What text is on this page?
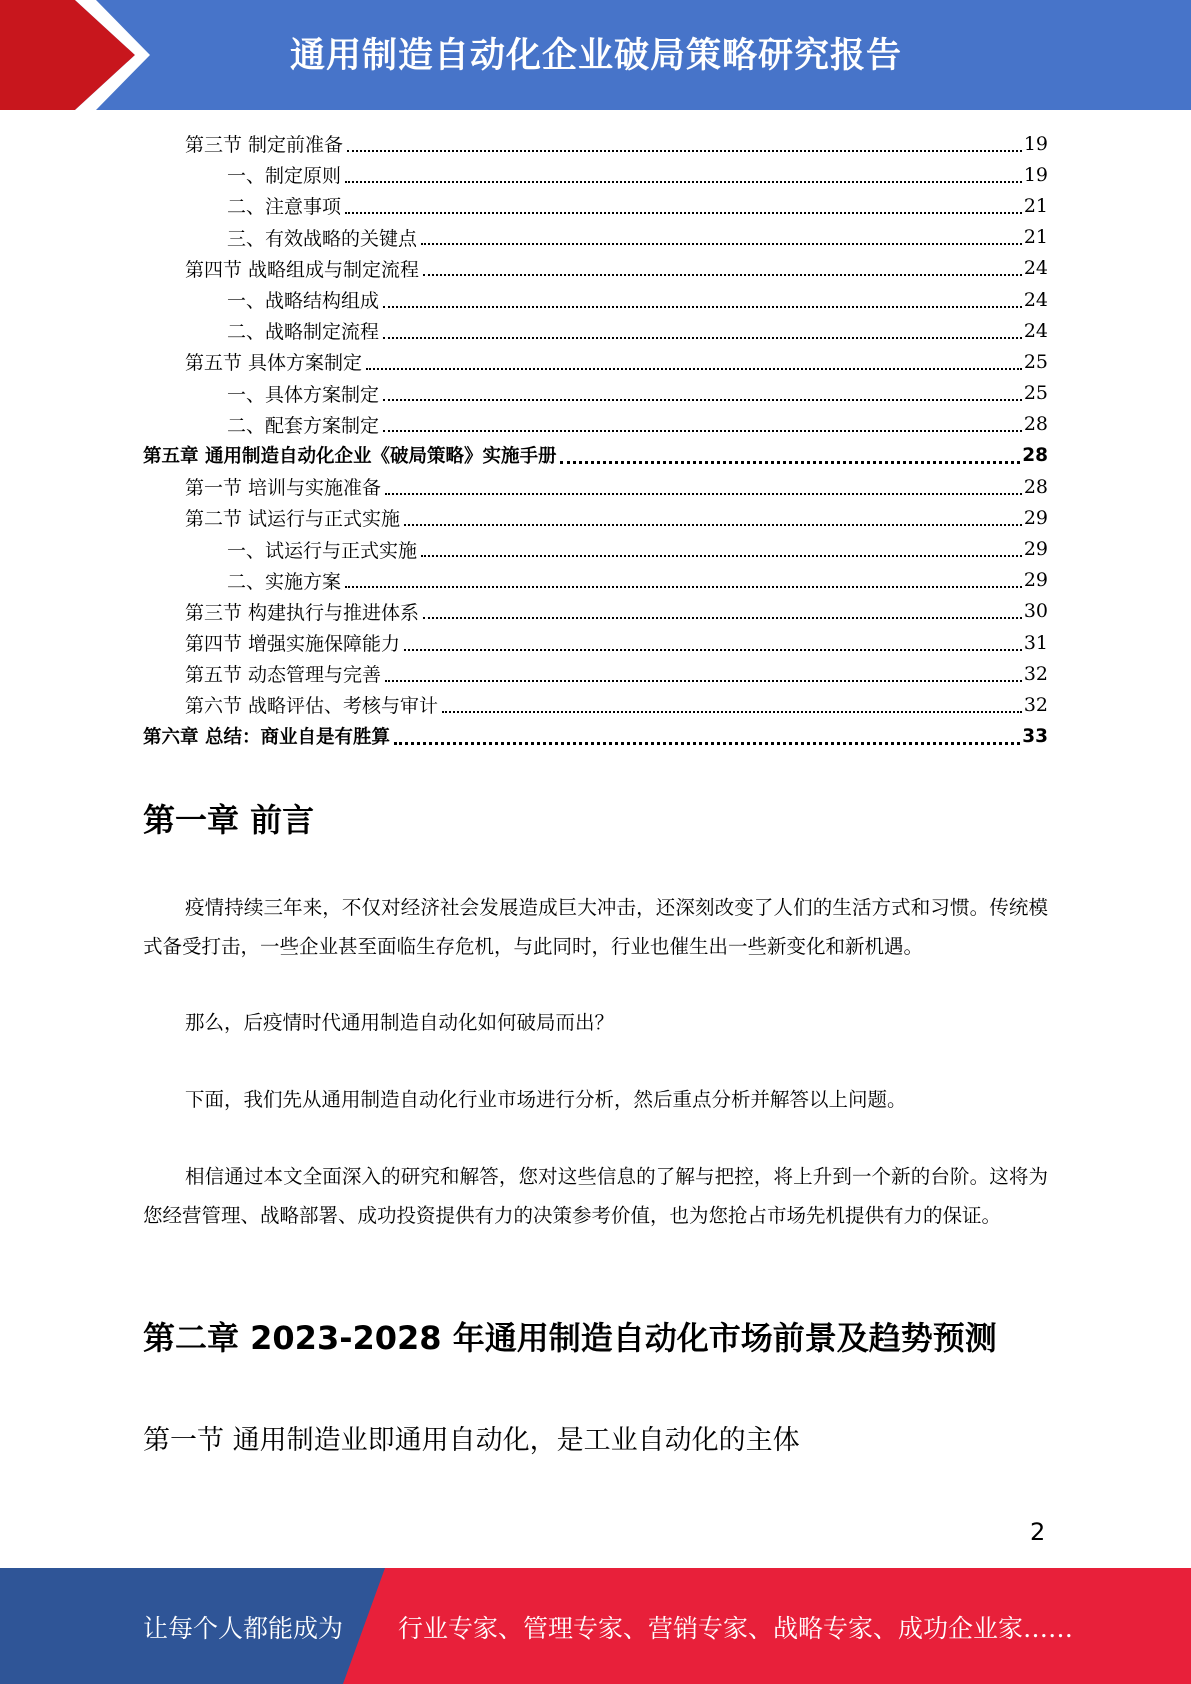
通用制造自动化企业破局策略研究报告
第三节 制定前准备	19
一、制定原则	19
二、注意事项	21
三、有效战略的关键点	21
第四节 战略组成与制定流程	24
一、战略结构组成	24
二、战略制定流程	24
第五节 具体方案制定	25
一、具体方案制定	25
二、配套方案制定	28
第五章 通用制造自动化企业《破局策略》实施手册	28
第一节 培训与实施准备	28
第二节 试运行与正式实施	29
一、试运行与正式实施	29
二、实施方案	29
第三节 构建执行与推进体系	30
第四节 增强实施保障能力	31
第五节 动态管理与完善	32
第六节 战略评估、考核与审计	32
第六章 总结：商业自是有胜算	33
第一章 前言
疫情持续三年来，不仅对经济社会发展造成巨大冲击，还深刻改变了人们的生活方式和习惯。传统模式备受打击，一些企业甚至面临生存危机，与此同时，行业也催生出一些新变化和新机遇。
那么，后疫情时代通用制造自动化如何破局而出？
下面，我们先从通用制造自动化行业市场进行分析，然后重点分析并解答以上问题。
相信通过本文全面深入的研究和解答，您对这些信息的了解与把控，将上升到一个新的台阶。这将为您经营管理、战略部署、成功投资提供有力的决策参考价值，也为您抢占市场先机提供有力的保证。
第二章 2023-2028 年通用制造自动化市场前景及趋势预测
第一节 通用制造业即通用自动化，是工业自动化的主体
2
让每个人都能成为 行业专家、管理专家、营销专家、战略专家、成功企业家……
